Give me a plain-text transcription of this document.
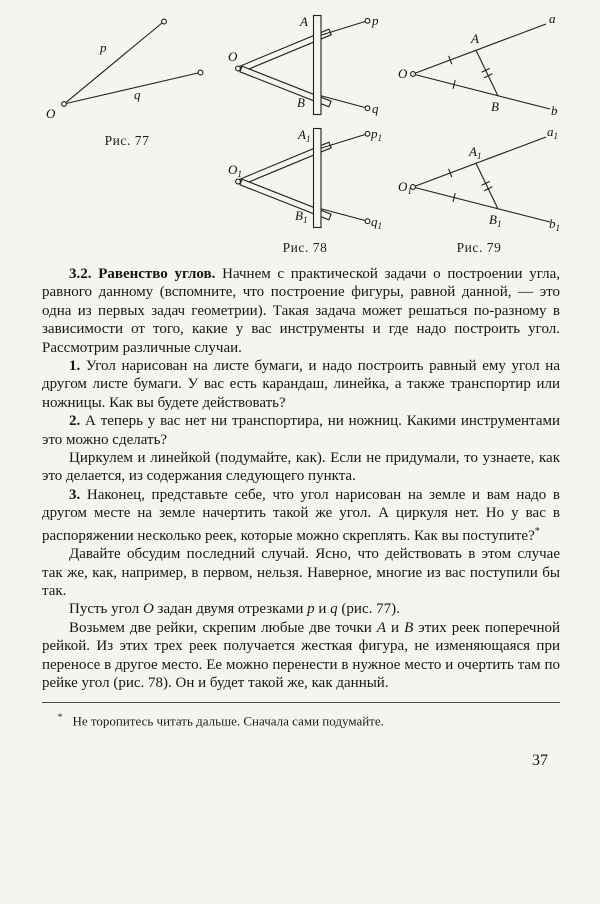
p
q
O
Рис. 77
O
A
B
p
q
$O_1$
$A_1$
$B_1$
$p_1$
$q_1$
Рис. 78
A
a
O
B	b
$A_1$
$a_1$
$O_1$
$B_1$	$b_1$
Рис. 79

3.2. Равенство углов. Начнем с практической задачи о построении угла, равного данному (вспомните, что построение фигуры, равной данной, — это одна из первых задач геометрии). Такая задача может решаться по-разному в зависимости от того, какие у вас инструменты и где надо построить угол. Рассмотрим различные случаи.

1. Угол нарисован на листе бумаги, и надо построить равный ему угол на другом листе бумаги. У вас есть карандаш, линейка, а также транспортир или ножницы. Как вы будете действовать?

2. А теперь у вас нет ни транспортира, ни ножниц. Какими инструментами это можно сделать?

Циркулем и линейкой (подумайте, как). Если не придумали, то узнаете, как это делается, из содержания следующего пункта.

3. Наконец, представьте себе, что угол нарисован на земле и вам надо в другом месте на земле начертить такой же угол. А циркуля нет. Но у вас в распоряжении несколько реек, которые можно скреплять. Как вы поступите?*

Давайте обсудим последний случай. Ясно, что действовать в этом случае так же, как, например, в первом, нельзя. Наверное, многие из вас поступили бы так.

Пусть угол O задан двумя отрезками p и q (рис. 77).

Возьмем две рейки, скрепим любые две точки A и B этих реек поперечной рейкой. Из этих трех реек получается жесткая фигура, не изменяющаяся при переносе в другое место. Ее можно перенести в нужное место и очертить там по рейке угол (рис. 78). Он и будет такой же, как данный.

* Не торопитесь читать дальше. Сначала сами подумайте.
37
